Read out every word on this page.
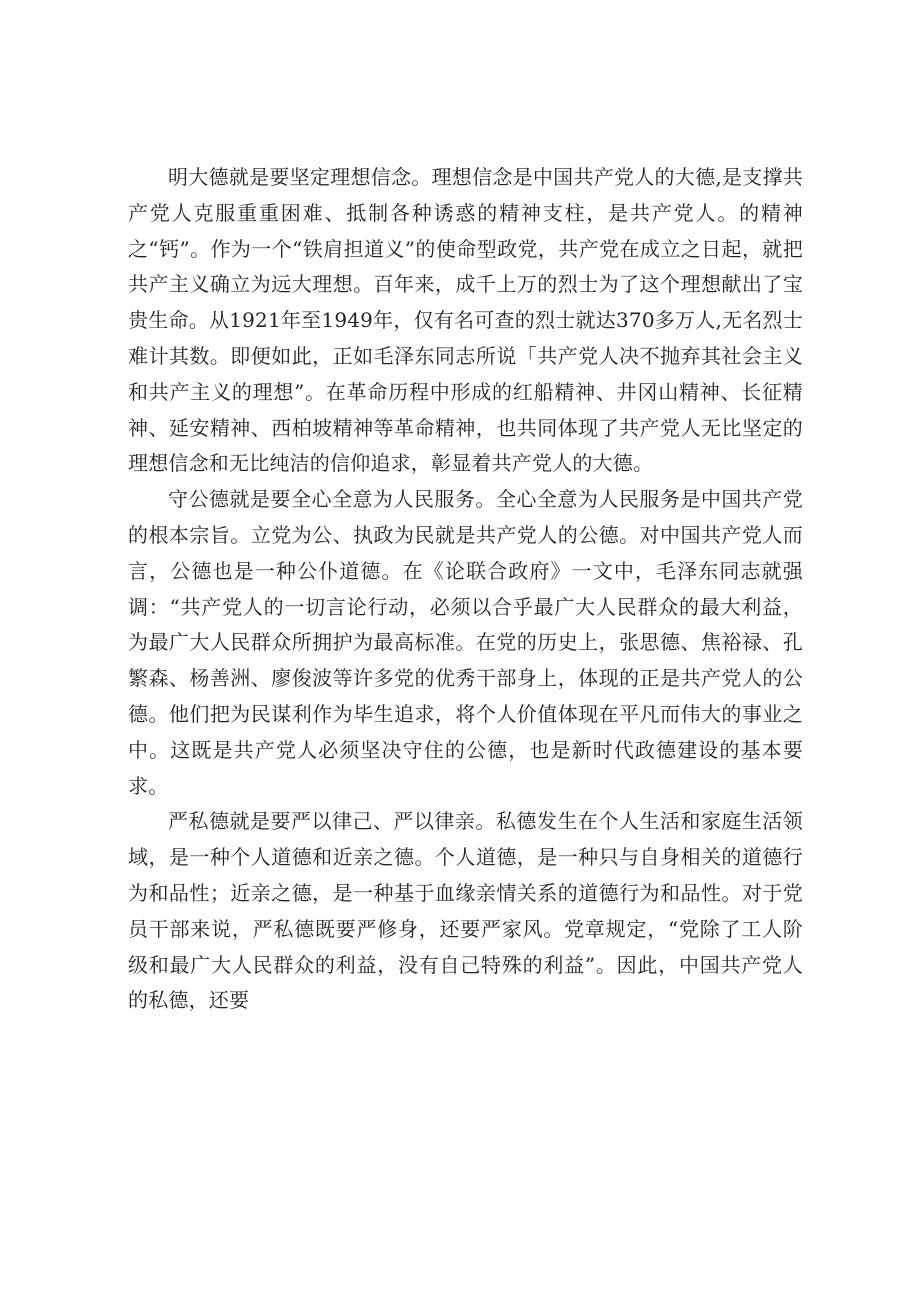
明大德就是要坚定理想信念。理想信念是中国共产党人的大德,是支撑共产党人克服重重困难、抵制各种诱惑的精神支柱，是共产党人。的精神之“钙”。作为一个“铁肩担道义”的使命型政党，共产党在成立之日起，就把共产主义确立为远大理想。百年来，成千上万的烈士为了这个理想献出了宝贵生命。从1921年至1949年，仅有名可查的烈士就达370多万人,无名烈士难计其数。即便如此，正如毛泽东同志所说「共产党人决不抛弃其社会主义和共产主义的理想”。在革命历程中形成的红船精神、井冈山精神、长征精神、延安精神、西柏坡精神等革命精神，也共同体现了共产党人无比坚定的理想信念和无比纯洁的信仰追求，彰显着共产党人的大德。

守公德就是要全心全意为人民服务。全心全意为人民服务是中国共产党的根本宗旨。立党为公、执政为民就是共产党人的公德。对中国共产党人而言，公德也是一种公仆道德。在《论联合政府》一文中，毛泽东同志就强调：“共产党人的一切言论行动，必须以合乎最广大人民群众的最大利益，为最广大人民群众所拥护为最高标准。在党的历史上，张思德、焦裕禄、孔繁森、杨善洲、廖俊波等许多党的优秀干部身上，体现的正是共产党人的公德。他们把为民谋利作为毕生追求，将个人价值体现在平凡而伟大的事业之中。这既是共产党人必须坚决守住的公德，也是新时代政德建设的基本要求。

严私德就是要严以律己、严以律亲。私德发生在个人生活和家庭生活领域，是一种个人道德和近亲之德。个人道德，是一种只与自身相关的道德行为和品性；近亲之德，是一种基于血缘亲情关系的道德行为和品性。对于党员干部来说，严私德既要严修身，还要严家风。党章规定，“党除了工人阶级和最广大人民群众的利益，没有自己特殊的利益”。因此，中国共产党人的私德，还要
